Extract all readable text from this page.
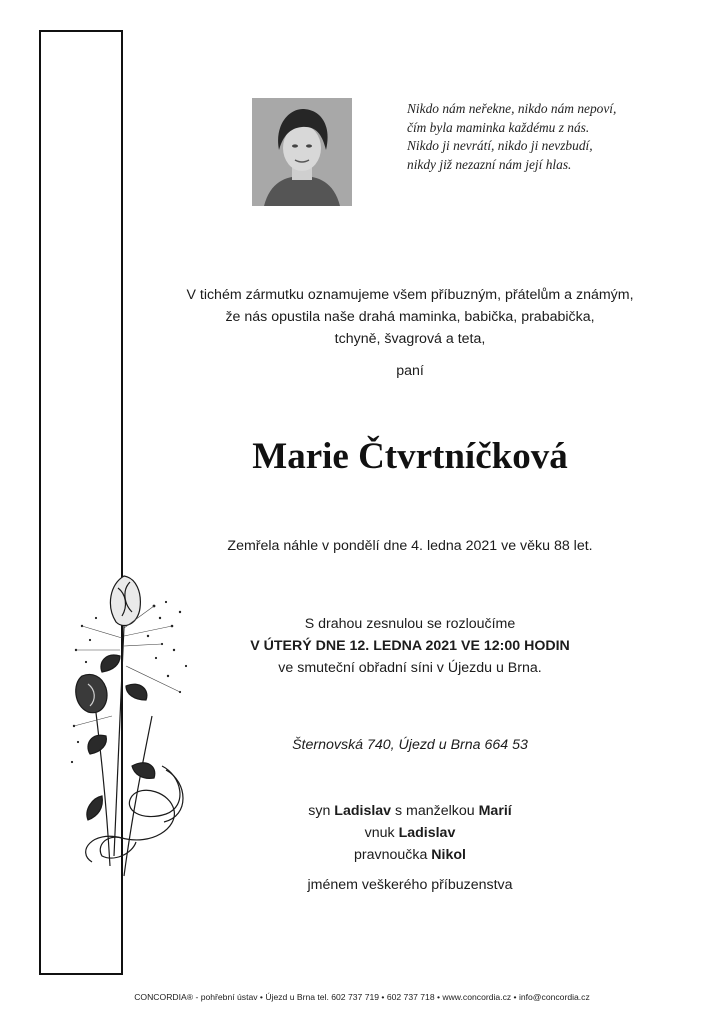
Nikdo nám neřekne, nikdo nám nepoví,
čím byla maminka každému z nás.
Nikdo ji nevrátí, nikdo ji nevzbudí,
nikdy již nezazní nám její hlas.
V tichém zármutku oznamujeme všem příbuzným, přátelům a známým,
že nás opustila naše drahá maminka, babička, prababička,
tchyně, švagrová a teta,
paní
Marie Čtvrtníčková
Zemřela náhle v pondělí dne 4. ledna 2021 ve věku 88 let.
S drahou zesnulou se rozloučíme
V ÚTERÝ DNE 12. LEDNA 2021 VE 12:00 HODIN
ve smuteční obřadní síni v Újezdu u Brna.
Šternovská 740, Újezd u Brna 664 53
syn Ladislav s manželkou Marií
vnuk Ladislav
pravnoučka Nikol
jménem veškerého příbuzenstva
CONCORDIA® - pohřební ústav • Újezd u Brna tel. 602 737 719 • 602 737 718 • www.concordia.cz • info@concordia.cz
